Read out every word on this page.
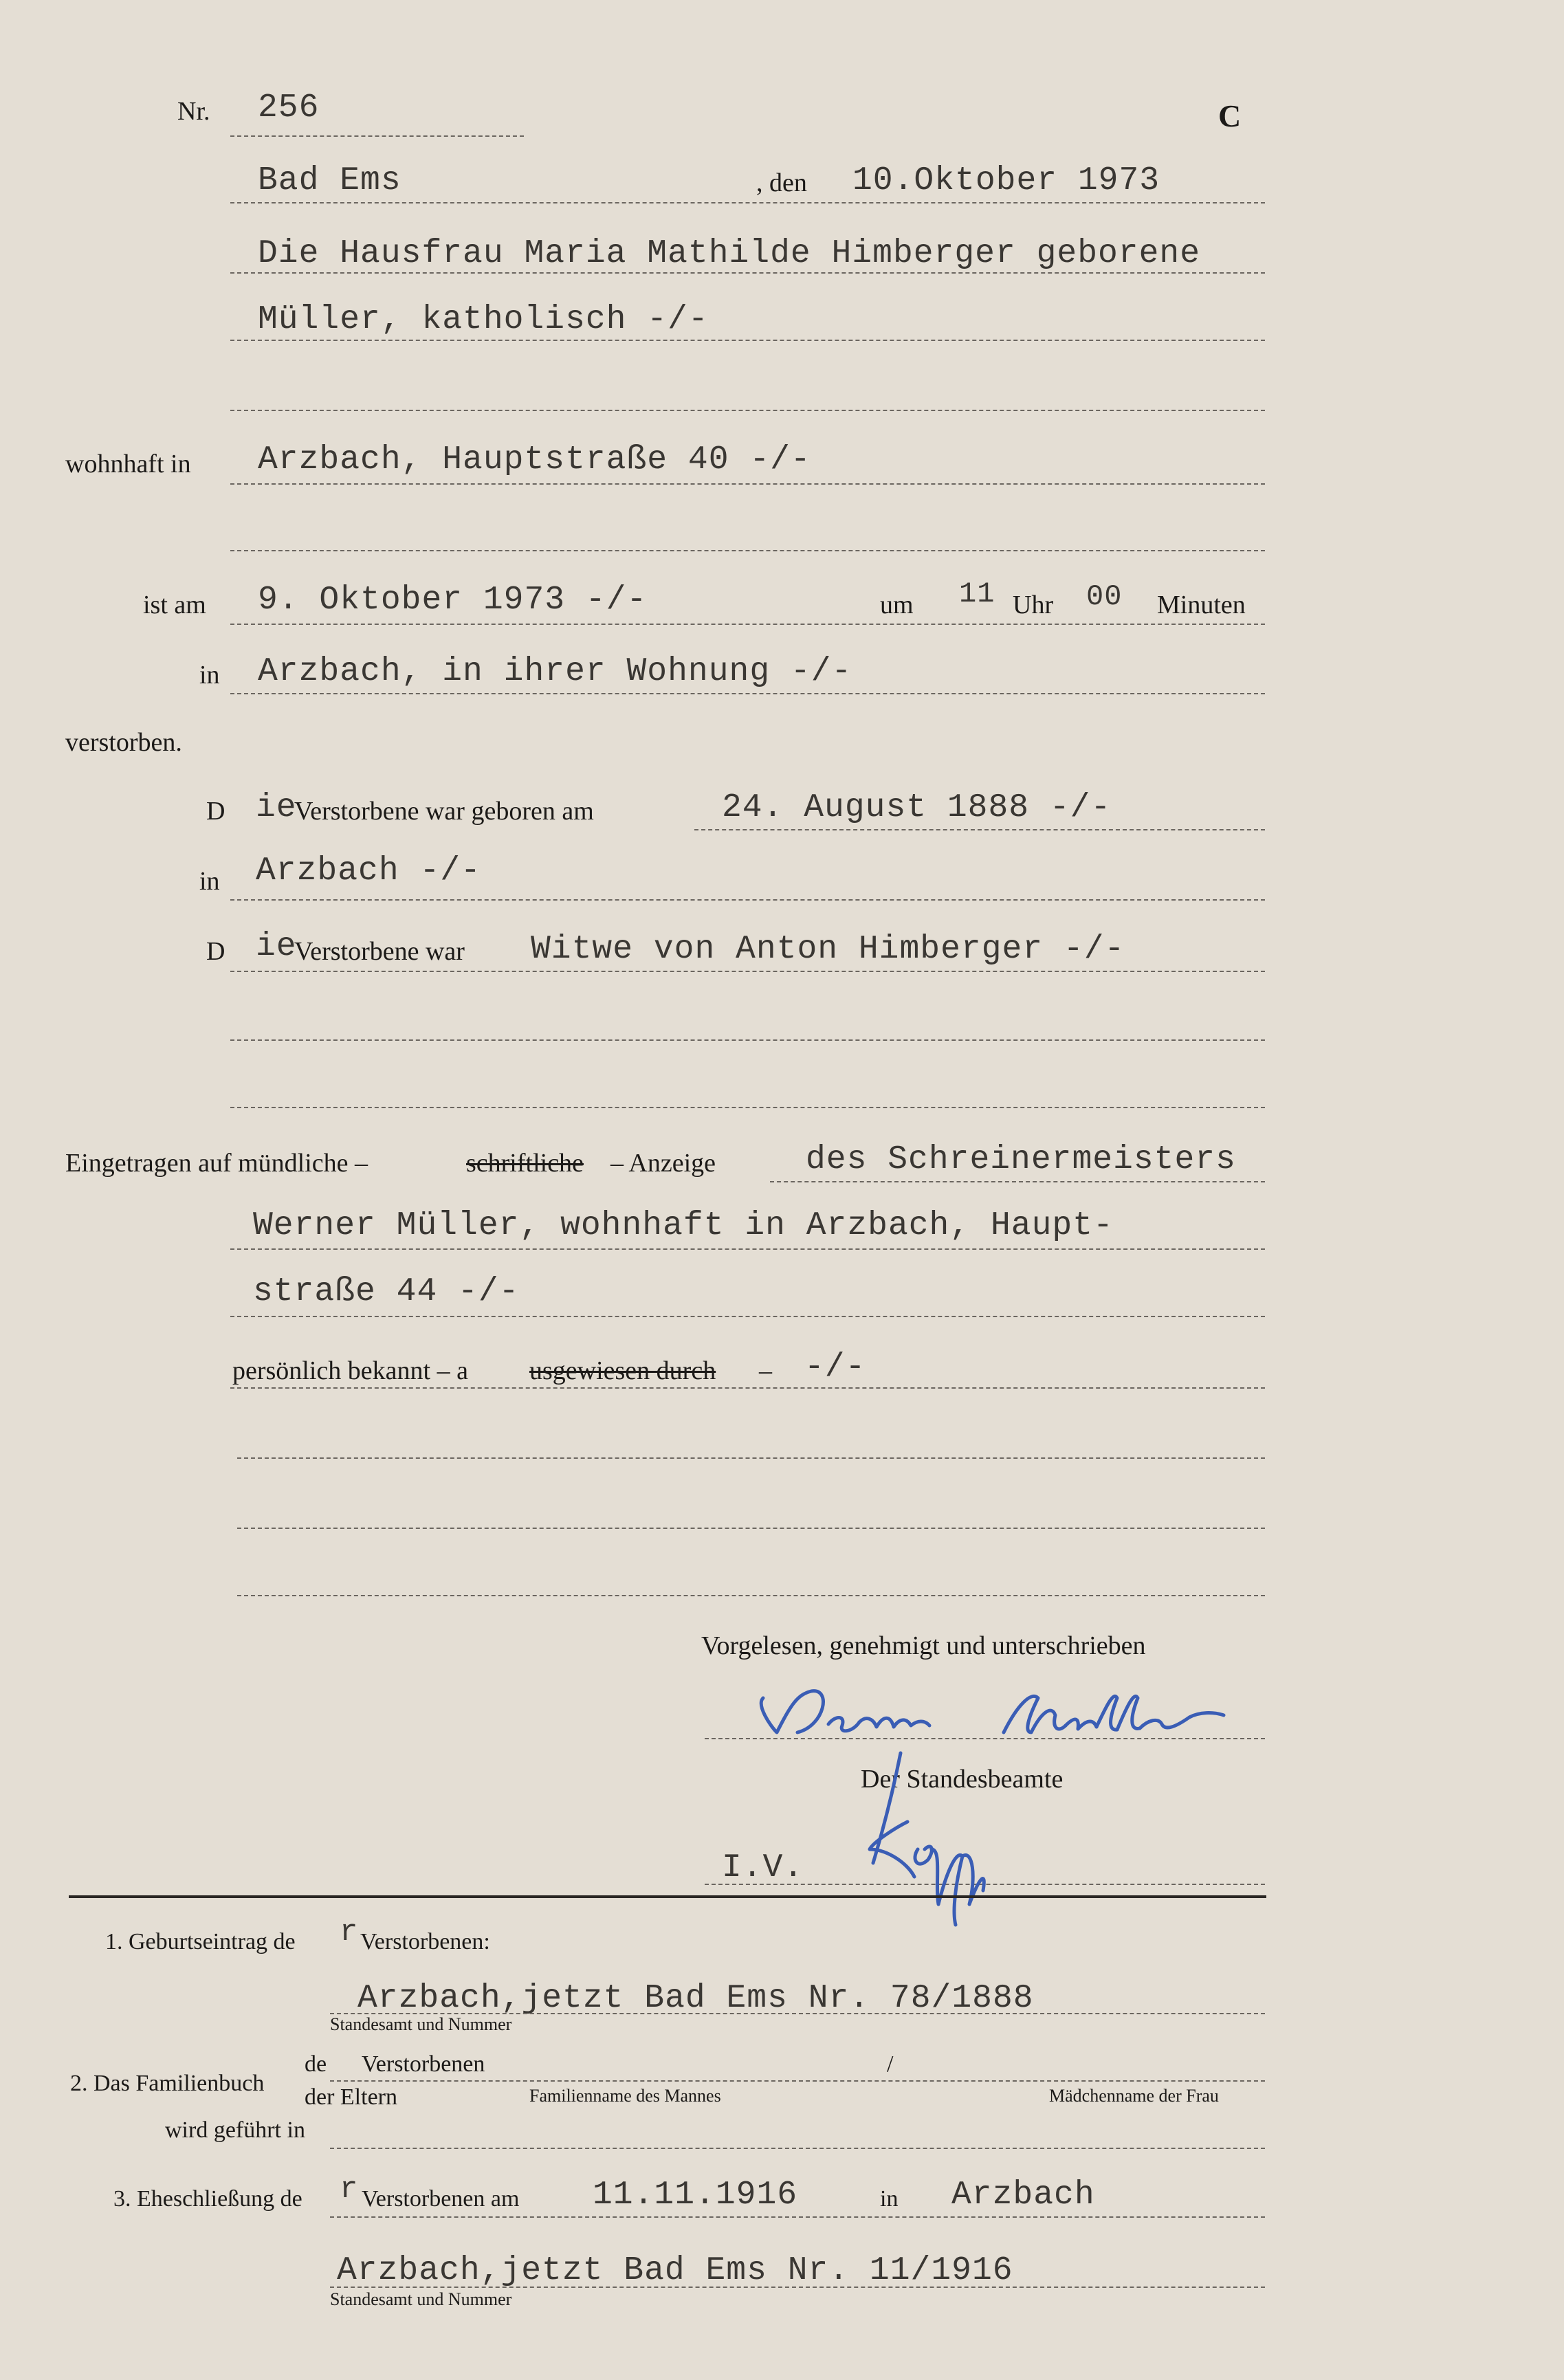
Nr. 256	C
Bad Ems	, den 10.Oktober 1973
Die Hausfrau Maria Mathilde Himberger geborene
Müller, katholisch -/-
wohnhaft in Arzbach, Hauptstraße 40 -/-
ist am 9. Oktober 1973 -/-	um 11 Uhr 00 Minuten
in Arzbach, in ihrer Wohnung -/-
verstorben.
D ie
Verstorbene war geboren am	24. August 1888 -/-
in Arzbach -/-
D ie
Verstorbene war Witwe von Anton Himberger -/-
Eingetragen auf mündliche –	schriftliche – Anzeige	des Schreinermeisters
Werner Müller, wohnhaft in Arzbach, Haupt-
straße 44 -/-
persönlich bekannt – a usgewiesen durch – -/-
Vorgelesen, genehmigt und unterschrieben
Werner Müller
Der Standesbeamte
I.V.
Kopp
1. Geburtseintrag de r Verstorbenen:
Arzbach,jetzt Bad Ems Nr. 78/1888
Standesamt und Nummer
2. Das Familienbuch
de Verstorbenen	/
der Eltern	Familienname des Mannes	Mädchenname der Frau
wird geführt in
3. Eheschließung de r Verstorbenen am 11.11.1916	in Arzbach
Arzbach,jetzt Bad Ems Nr. 11/1916
Standesamt und Nummer
